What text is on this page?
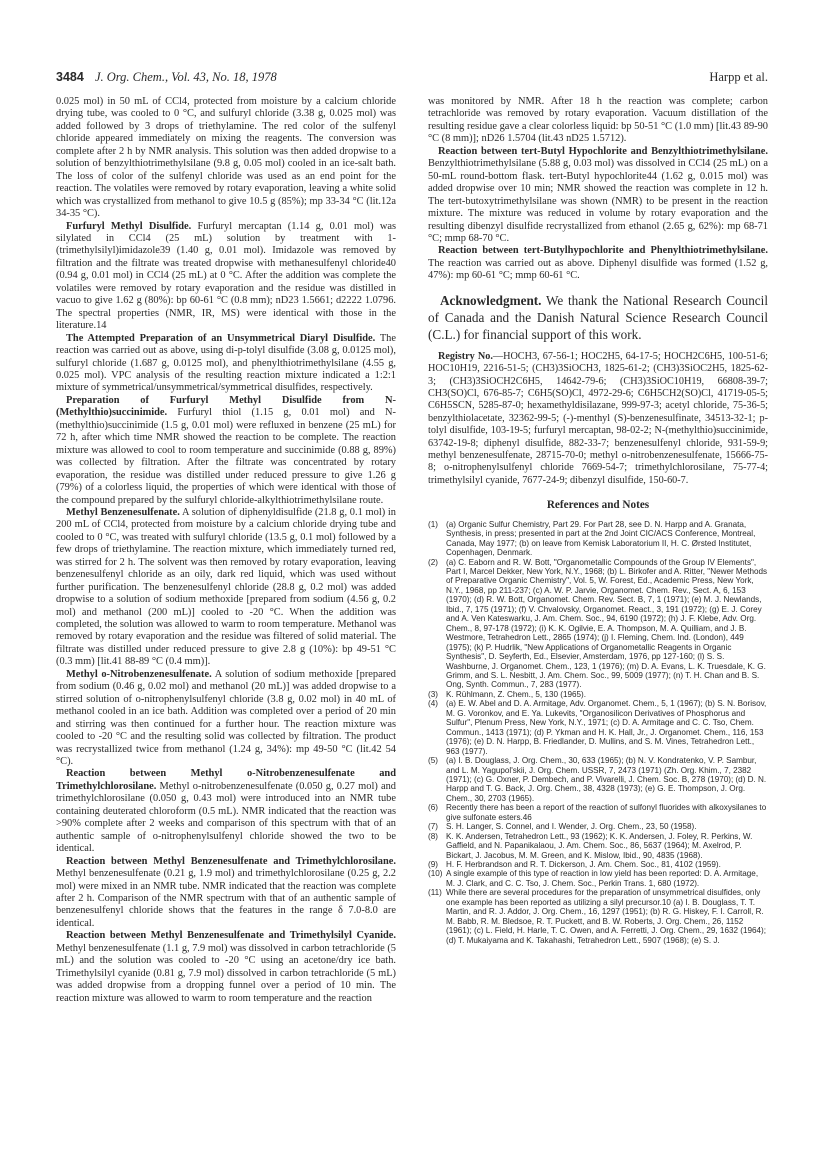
3484 J. Org. Chem., Vol. 43, No. 18, 1978	Harpp et al.

0.025 mol) in 50 mL of CCl4, protected from moisture by a calcium chloride drying tube, was cooled to 0 °C, and sulfuryl chloride (3.38 g, 0.025 mol) was added followed by 3 drops of triethylamine. The red color of the sulfenyl chloride appeared immediately on mixing the reagents. The conversion was complete after 2 h by NMR analysis. This solution was then added dropwise to a solution of benzylthiotrimethylsilane (9.8 g, 0.05 mol) cooled in an ice-salt bath. The loss of color of the sulfenyl chloride was used as an end point for the reaction. The volatiles were removed by rotary evaporation, leaving a white solid which was crystallized from methanol to give 10.5 g (85%); mp 33-34 °C (lit.12a 34-35 °C).

Furfuryl Methyl Disulfide. Furfuryl mercaptan (1.14 g, 0.01 mol) was silylated in CCl4 (25 mL) solution by treatment with 1-(trimethylsilyl)imidazole39 (1.40 g, 0.01 mol). Imidazole was removed by filtration and the filtrate was treated dropwise with methanesulfenyl chloride40 (0.94 g, 0.01 mol) in CCl4 (25 mL) at 0 °C. After the addition was complete the volatiles were removed by rotary evaporation and the residue was distilled in vacuo to give 1.62 g (80%): bp 60-61 °C (0.8 mm); nD23 1.5661; d2222 1.0796. The spectral properties (NMR, IR, MS) were identical with those in the literature.14

The Attempted Preparation of an Unsymmetrical Diaryl Disulfide. The reaction was carried out as above, using di-p-tolyl disulfide (3.08 g, 0.0125 mol), sulfuryl chloride (1.687 g, 0.0125 mol), and phenylthiotrimethylsilane (4.55 g, 0.025 mol). VPC analysis of the resulting reaction mixture indicated a 1:2:1 mixture of symmetrical/unsymmetrical/symmetrical disulfides, respectively.

Preparation of Furfuryl Methyl Disulfide from N-(Methylthio)succinimide. Furfuryl thiol (1.15 g, 0.01 mol) and N-(methylthio)succinimide (1.5 g, 0.01 mol) were refluxed in benzene (25 mL) for 72 h, after which time NMR showed the reaction to be complete. The reaction mixture was allowed to cool to room temperature and succinimide (0.88 g, 89%) was collected by filtration. After the filtrate was concentrated by rotary evaporation, the residue was distilled under reduced pressure to give 1.26 g (79%) of a colorless liquid, the properties of which were identical with those of the compound prepared by the sulfuryl chloride-alkylthiotrimethylsilane route.

Methyl Benzenesulfenate. A solution of diphenyldisulfide (21.8 g, 0.1 mol) in 200 mL of CCl4, protected from moisture by a calcium chloride drying tube and cooled to 0 °C, was treated with sulfuryl chloride (13.5 g, 0.1 mol) followed by a few drops of triethylamine. The reaction mixture, which immediately turned red, was stirred for 2 h. The solvent was then removed by rotary evaporation, leaving benzenesulfenyl chloride as an oily, dark red liquid, which was used without further purification. The benzenesulfenyl chloride (28.8 g, 0.2 mol) was added dropwise to a solution of sodium methoxide [prepared from sodium (4.56 g, 0.2 mol) and methanol (200 mL)] cooled to -20 °C. When the addition was completed, the solution was allowed to warm to room temperature. Methanol was removed by rotary evaporation and the residue was filtered of solid material. The filtrate was distilled under reduced pressure to give 2.8 g (10%): bp 49-51 °C (0.3 mm) [lit.41 88-89 °C (0.4 mm)].

Methyl o-Nitrobenzenesulfenate. A solution of sodium methoxide [prepared from sodium (0.46 g, 0.02 mol) and methanol (20 mL)] was added dropwise to a stirred solution of o-nitrophenylsulfenyl chloride (3.8 g, 0.02 mol) in 40 mL of methanol cooled in an ice bath. Addition was completed over a period of 20 min and stirring was then continued for a further hour. The reaction mixture was cooled to -20 °C and the resulting solid was collected by filtration. The product was recrystallized twice from methanol (1.24 g, 34%): mp 49-50 °C (lit.42 54 °C).

Reaction between Methyl o-Nitrobenzenesulfenate and Trimethylchlorosilane. Methyl o-nitrobenzenesulfenate (0.050 g, 0.27 mol) and trimethylchlorosilane (0.050 g, 0.43 mol) were introduced into an NMR tube containing deuterated chloroform (0.5 mL). NMR indicated that the reaction was >90% complete after 2 weeks and comparison of this spectrum with that of an authentic sample of o-nitrophenylsulfenyl chloride showed the two to be identical.

Reaction between Methyl Benzenesulfenate and Trimethylchlorosilane. Methyl benzenesulfenate (0.21 g, 1.9 mol) and trimethylchlorosilane (0.25 g, 2.2 mol) were mixed in an NMR tube. NMR indicated that the reaction was complete after 2 h. Comparison of the NMR spectrum with that of an authentic sample of benzenesulfenyl chloride shows that the features in the range δ 7.0-8.0 are identical.

Reaction between Methyl Benzenesulfenate and Trimethylsilyl Cyanide. Methyl benzenesulfenate (1.1 g, 7.9 mol) was dissolved in carbon tetrachloride (5 mL) and the solution was cooled to -20 °C using an acetone/dry ice bath. Trimethylsilyl cyanide (0.81 g, 7.9 mol) dissolved in carbon tetrachloride (5 mL) was added dropwise from a dropping funnel over a period of 10 min. The reaction mixture was allowed to warm to room temperature and the reaction

was monitored by NMR. After 18 h the reaction was complete; carbon tetrachloride was removed by rotary evaporation. Vacuum distillation of the resulting residue gave a clear colorless liquid: bp 50-51 °C (1.0 mm) [lit.43 89-90 °C (8 mm)]; nD26 1.5704 (lit.43 nD25 1.5712).

Reaction between tert-Butyl Hypochlorite and Benzylthiotrimethylsilane. Benzylthiotrimethylsilane (5.88 g, 0.03 mol) was dissolved in CCl4 (25 mL) on a 50-mL round-bottom flask. tert-Butyl hypochlorite44 (1.62 g, 0.015 mol) was added dropwise over 10 min; NMR showed the reaction was complete in 12 h. The tert-butoxytrimethylsilane was shown (NMR) to be present in the reaction mixture. The mixture was reduced in volume by rotary evaporation and the resulting dibenzyl disulfide recrystallized from ethanol (2.65 g, 62%): mp 68-71 °C; mmp 68-70 °C.

Reaction between tert-Butylhypochlorite and Phenylthiotrimethylsilane. The reaction was carried out as above. Diphenyl disulfide was formed (1.52 g, 47%): mp 60-61 °C; mmp 60-61 °C.

Acknowledgment. We thank the National Research Council of Canada and the Danish Natural Science Research Council (C.L.) for financial support of this work.

Registry No.—HOCH3, 67-56-1; HOC2H5, 64-17-5; HOCH2C6H5, 100-51-6; HOC10H19, 2216-51-5; (CH3)3SiOCH3, 1825-61-2; (CH3)3SiOC2H5, 1825-62-3; (CH3)3SiOCH2C6H5, 14642-79-6; (CH3)3SiOC10H19, 66808-39-7; CH3(SO)Cl, 676-85-7; C6H5(SO)Cl, 4972-29-6; C6H5CH2(SO)Cl, 41719-05-5; C6H5SCN, 5285-87-0; hexamethyldisilazane, 999-97-3; acetyl chloride, 75-36-5; benzylthiolacetate, 32362-99-5; (-)-menthyl (S)-benzenesulfinate, 34513-32-1; p-tolyl disulfide, 103-19-5; furfuryl mercaptan, 98-02-2; N-(methylthio)succinimide, 63742-19-8; diphenyl disulfide, 882-33-7; benzenesulfenyl chloride, 931-59-9; methyl benzenesulfenate, 28715-70-0; methyl o-nitrobenzenesulfenate, 15666-75-8; o-nitrophenylsulfenyl chloride 7669-54-7; trimethylchlorosilane, 75-77-4; trimethylsilyl cyanide, 7677-24-9; dibenzyl disulfide, 150-60-7.

References and Notes
(1) (a) Organic Sulfur Chemistry, Part 29. For Part 28, see D. N. Harpp and A. Granata, Synthesis, in press; presented in part at the 2nd Joint CIC/ACS Conference, Montreal, Canada, May 1977; (b) on leave from Kemisk Laboratorium II, H. C. Ørsted Institutet, Copenhagen, Denmark.
(2) (a) C. Eaborn and R. W. Bott, "Organometallic Compounds of the Group IV Elements", Part I, Marcel Dekker, New York, N.Y., 1968; (b) L. Birkofer and A. Ritter, "Newer Methods of Preparative Organic Chemistry", Vol. 5, W. Forest, Ed., Academic Press, New York, N.Y., 1968, pp 211-237; (c) A. W. P. Jarvie, Organomet. Chem. Rev., Sect. A, 6, 153 (1970); (d) R. W. Bott, Organomet. Chem. Rev. Sect. B, 7, 1 (1971); (e) M. J. Newlands, Ibid., 7, 175 (1971); (f) V. Chvalovsky, Organomet. React., 3, 191 (1972); (g) E. J. Corey and A. Ven Kateswarku, J. Am. Chem. Soc., 94, 6190 (1972); (h) J. F. Klebe, Adv. Org. Chem., 8, 97-178 (1972); (i) K. K. Ogilvie, E. A. Thompson, M. A. Quilliam, and J. B. Westmore, Tetrahedron Lett., 2865 (1974); (j) I. Fleming, Chem. Ind. (London), 449 (1975); (k) P. Hudrlik, "New Applications of Organometallic Reagents in Organic Synthesis", D. Seyferth, Ed., Elsevier, Amsterdam, 1976, pp 127-160; (l) S. S. Washburne, J. Organomet. Chem., 123, 1 (1976); (m) D. A. Evans, L. K. Truesdale, K. G. Grimm, and S. L. Nesbitt, J. Am. Chem. Soc., 99, 5009 (1977); (n) T. H. Chan and B. S. Ong, Synth. Commun., 7, 283 (1977).
(3) K. Rühlmann, Z. Chem., 5, 130 (1965).
(4) (a) E. W. Abel and D. A. Armitage, Adv. Organomet. Chem., 5, 1 (1967); (b) S. N. Borisov, M. G. Voronkov, and E. Ya. Lukevits, "Organosilicon Derivatives of Phosphorus and Sulfur", Plenum Press, New York, N.Y., 1971; (c) D. A. Armitage and C. C. Tso, Chem. Commun., 1413 (1971); (d) P. Ykman and H. K. Hall, Jr., J. Organomet. Chem., 116, 153 (1976); (e) D. N. Harpp, B. Friedlander, D. Mullins, and S. M. Vines, Tetrahedron Lett., 963 (1977).
(5) (a) I. B. Douglass, J. Org. Chem., 30, 633 (1965); (b) N. V. Kondratenko, V. P. Sambur, and L. M. Yagupol'skii, J. Org. Chem. USSR, 7, 2473 (1971) (Zh. Org. Khim., 7, 2382 (1971); (c) G. Oxner, P. Dembech, and P. Vivarelli, J. Chem. Soc. B, 278 (1970); (d) D. N. Harpp and T. G. Back, J. Org. Chem., 38, 4328 (1973); (e) G. E. Thompson, J. Org. Chem., 30, 2703 (1965).
(6) Recently there has been a report of the reaction of sulfonyl fluorides with alkoxysilanes to give sulfonate esters.46
(7) S. H. Langer, S. Connel, and I. Wender, J. Org. Chem., 23, 50 (1958).
(8) K. K. Andersen, Tetrahedron Lett., 93 (1962); K. K. Andersen, J. Foley, R. Perkins, W. Gaffield, and N. Papanikalaou, J. Am. Chem. Soc., 86, 5637 (1964); M. Axelrod, P. Bickart, J. Jacobus, M. M. Green, and K. Mislow, Ibid., 90, 4835 (1968).
(9) H. F. Herbrandson and R. T. Dickerson, J. Am. Chem. Soc., 81, 4102 (1959).
(10) A single example of this type of reaction in low yield has been reported: D. A. Armitage, M. J. Clark, and C. C. Tso, J. Chem. Soc., Perkin Trans. 1, 680 (1972).
(11) While there are several procedures for the preparation of unsymmetrical disulfides, only one example has been reported as utilizing a silyl precursor.10 (a) I. B. Douglass, T. T. Martin, and R. J. Addor, J. Org. Chem., 16, 1297 (1951); (b) R. G. Hiskey, F. I. Carroll, R. M. Babb, R. M. Bledsoe, R. T. Puckett, and B. W. Roberts, J. Org. Chem., 26, 1152 (1961); (c) L. Field, H. Harle, T. C. Owen, and A. Ferretti, J. Org. Chem., 29, 1632 (1964); (d) T. Mukaiyama and K. Takahashi, Tetrahedron Lett., 5907 (1968); (e) S. J.
